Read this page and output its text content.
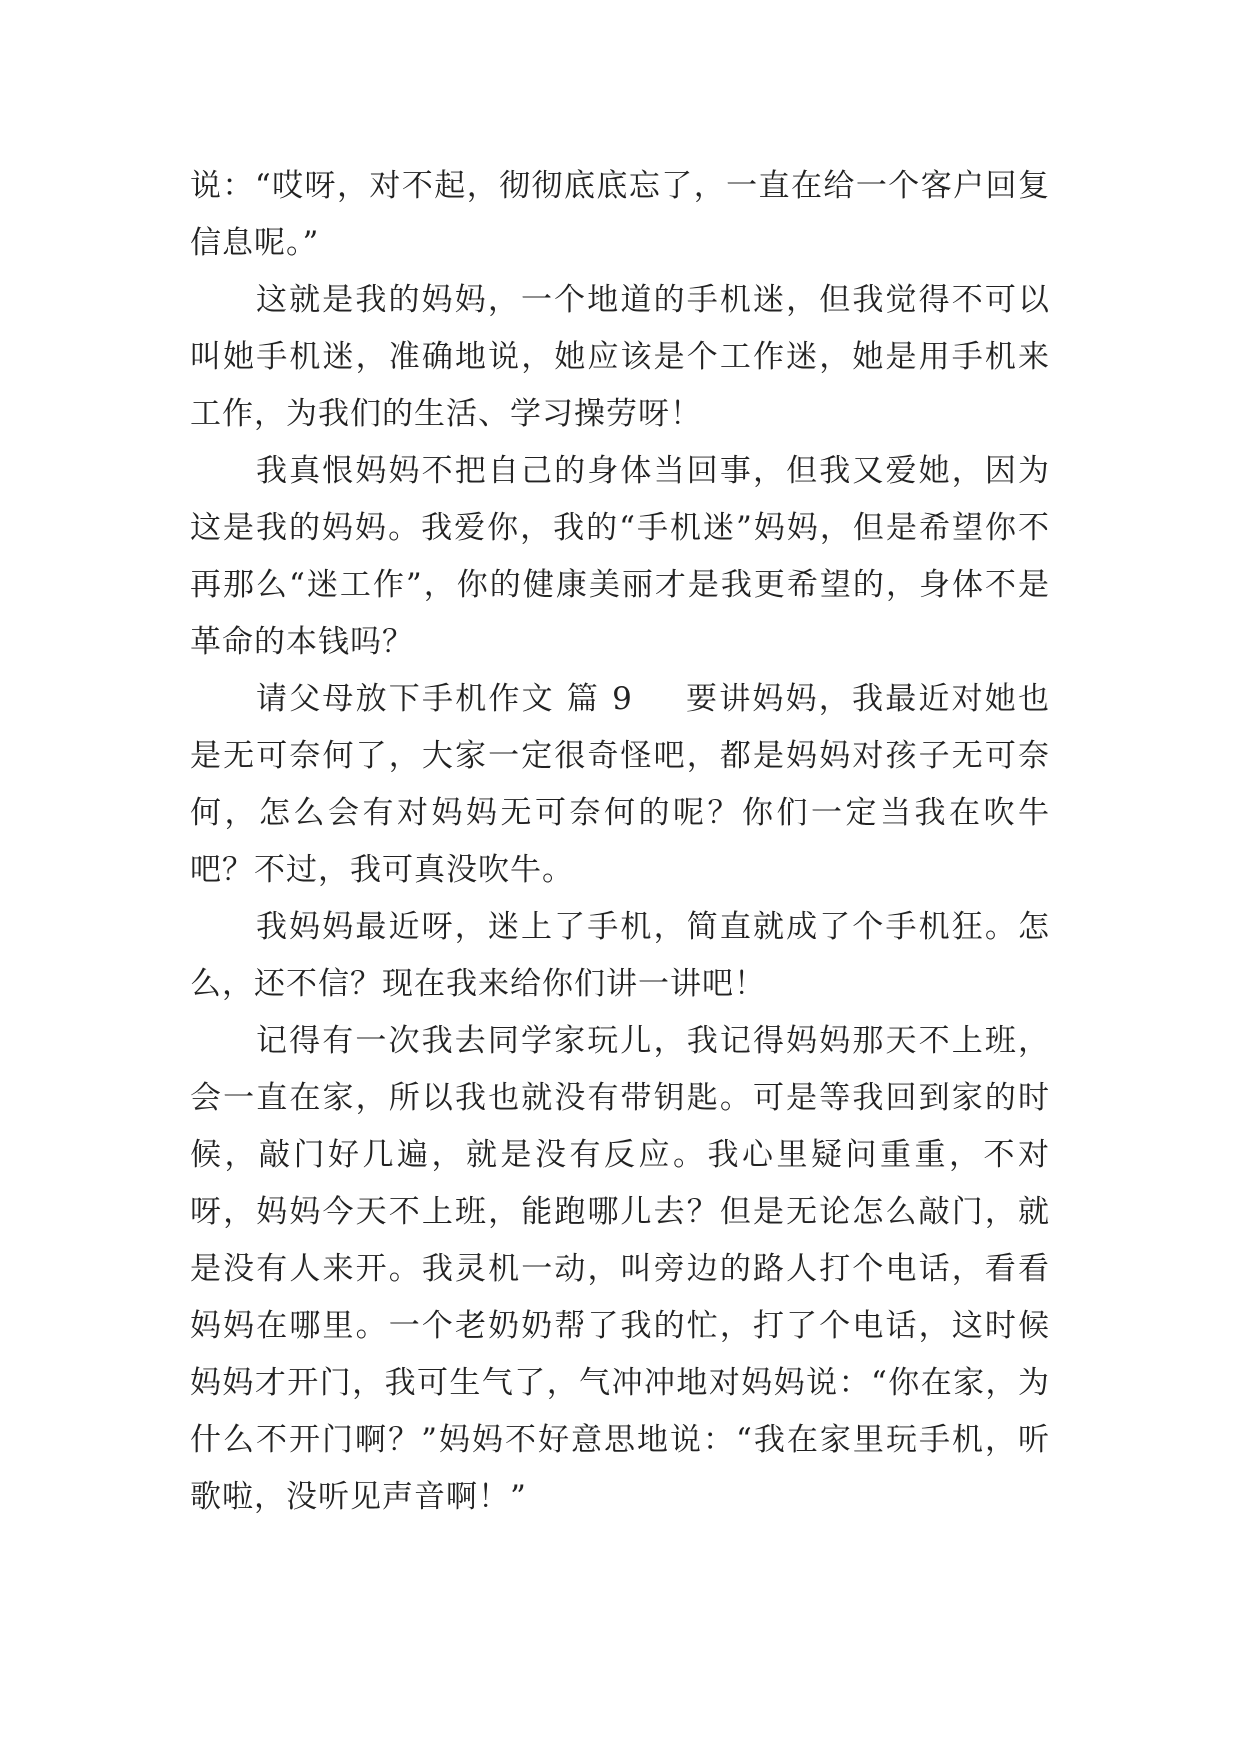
说：“哎呀，对不起，彻彻底底忘了，一直在给一个客户回复信息呢。”

这就是我的妈妈，一个地道的手机迷，但我觉得不可以叫她手机迷，准确地说，她应该是个工作迷，她是用手机来工作，为我们的生活、学习操劳呀！

我真恨妈妈不把自己的身体当回事，但我又爱她，因为这是我的妈妈。我爱你，我的“手机迷”妈妈，但是希望你不再那么“迷工作”，你的健康美丽才是我更希望的，身体不是革命的本钱吗？

请父母放下手机作文 篇 9 要讲妈妈，我最近对她也是无可奈何了，大家一定很奇怪吧，都是妈妈对孩子无可奈何，怎么会有对妈妈无可奈何的呢？你们一定当我在吹牛吧？不过，我可真没吹牛。

我妈妈最近呀，迷上了手机，简直就成了个手机狂。怎么，还不信？现在我来给你们讲一讲吧！

记得有一次我去同学家玩儿，我记得妈妈那天不上班，会一直在家，所以我也就没有带钥匙。可是等我回到家的时候，敲门好几遍，就是没有反应。我心里疑问重重，不对呀，妈妈今天不上班，能跑哪儿去？但是无论怎么敲门，就是没有人来开。我灵机一动，叫旁边的路人打个电话，看看妈妈在哪里。一个老奶奶帮了我的忙，打了个电话，这时候妈妈才开门，我可生气了，气冲冲地对妈妈说：“你在家，为什么不开门啊？”妈妈不好意思地说：“我在家里玩手机，听歌啦，没听见声音啊！”
